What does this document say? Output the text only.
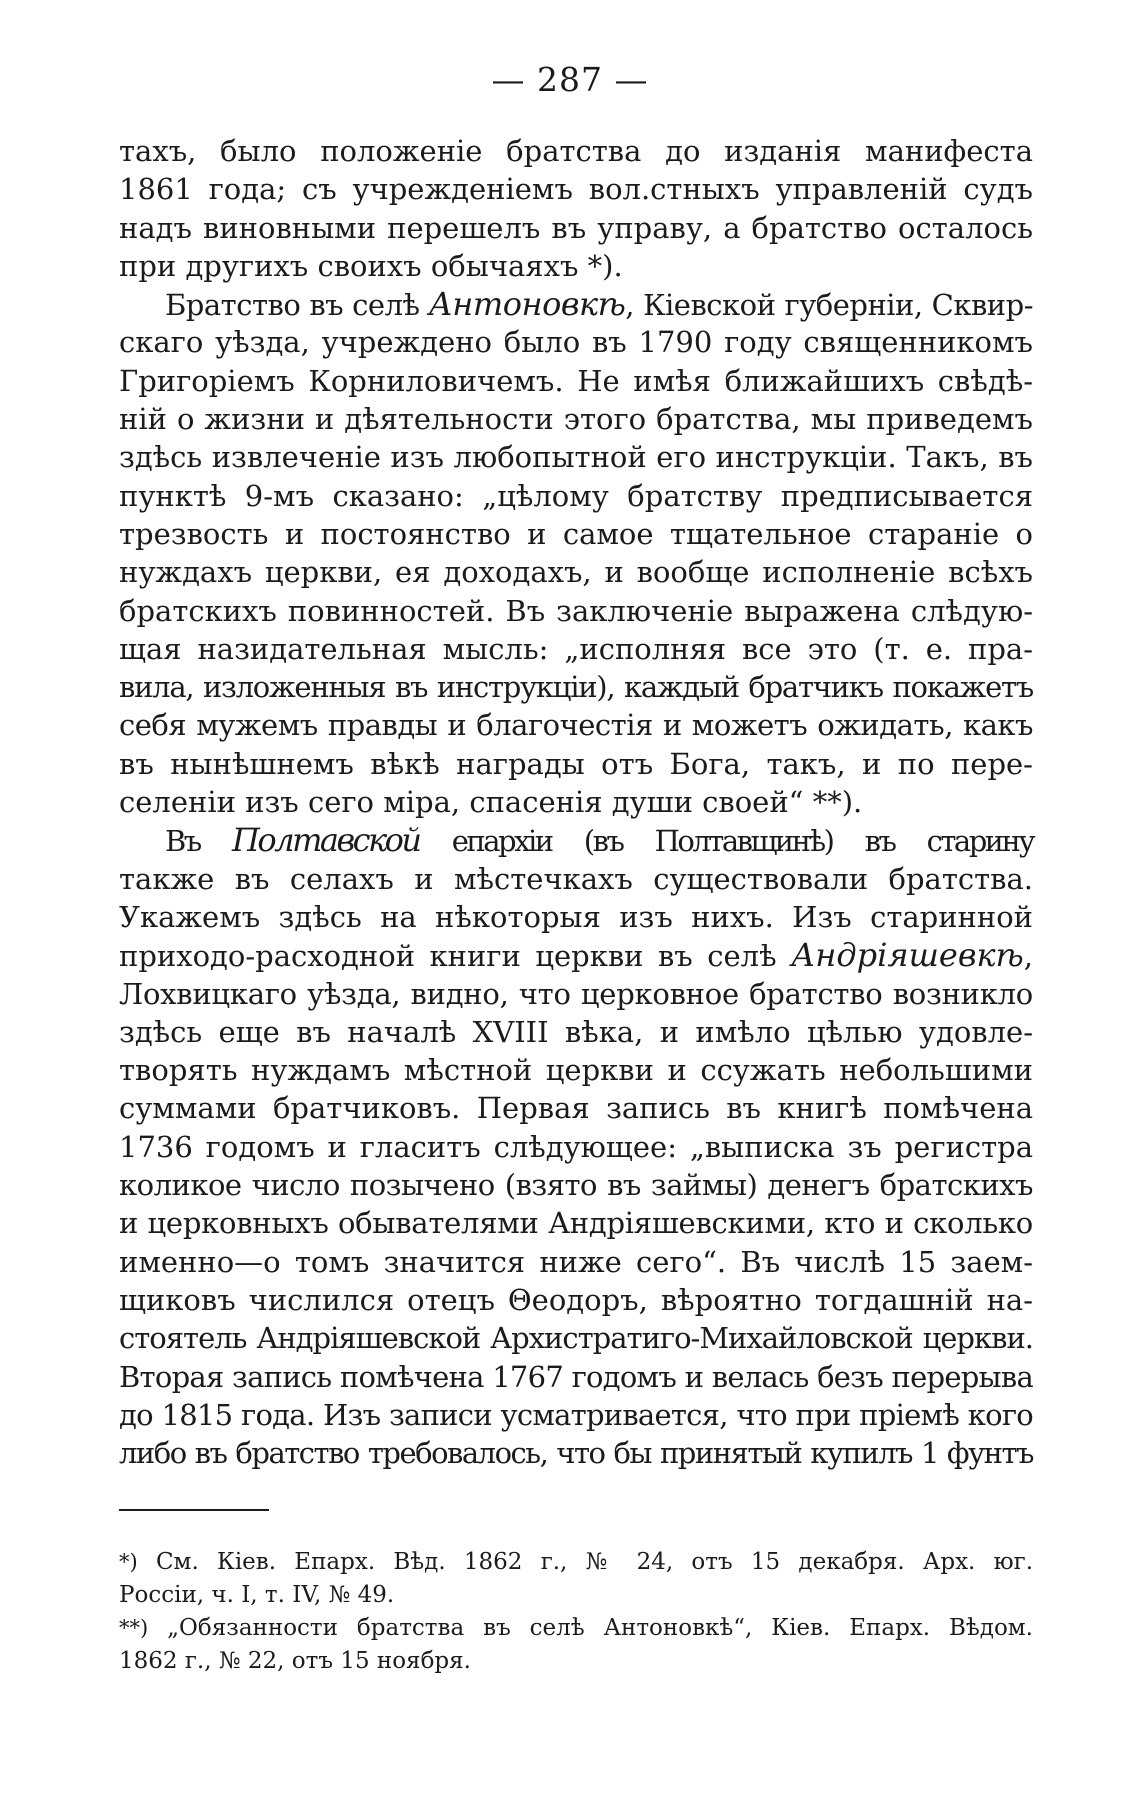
— 287 —
тахъ, было положеніе братства до изданія манифеста
1861 года; съ учрежденіемъ вол.стныхъ управленій судъ
надъ виновными перешелъ въ управу, а братство осталось
при другихъ своихъ обычаяхъ *).
Братство въ селѣ Антоновкѣ, Кіевской губерніи, Сквир-
скаго уѣзда, учреждено было въ 1790 году священникомъ
Григоріемъ Корниловичемъ. Не имѣя ближайшихъ свѣдѣ-
ній о жизни и дѣятельности этого братства, мы приведемъ
здѣсь извлеченіе изъ любопытной его инструкціи. Такъ, въ
пунктѣ 9-мъ сказано: „цѣлому братству предписывается
трезвость и постоянство и самое тщательное стараніе о
нуждахъ церкви, ея доходахъ, и вообще исполненіе всѣхъ
братскихъ повинностей. Въ заключеніе выражена слѣдую-
щая назидательная мысль: „исполняя все это (т. е. пра-
вила, изложенныя въ инструкціи), каждый братчикъ покажетъ
себя мужемъ правды и благочестія и можетъ ожидать, какъ
въ нынѣшнемъ вѣкѣ награды отъ Бога, такъ, и по пере-
селеніи изъ сего міра, спасенія души своей“ **).
Въ Полтавской епархіи (въ Полтавщинѣ) въ старину
также въ селахъ и мѣстечкахъ существовали братства.
Укажемъ здѣсь на нѣкоторыя изъ нихъ. Изъ старинной
приходо-расходной книги церкви въ селѣ Андріяшевкѣ,
Лохвицкаго уѣзда, видно, что церковное братство возникло
здѣсь еще въ началѣ XVIII вѣка, и имѣло цѣлью удовле-
творять нуждамъ мѣстной церкви и ссужать небольшими
суммами братчиковъ. Первая запись въ книгѣ помѣчена
1736 годомъ и гласитъ слѣдующее: „выписка зъ регистра
коликое число позычено (взято въ займы) денегъ братскихъ
и церковныхъ обывателями Андріяшевскими, кто и сколько
именно—о томъ значится ниже сего“. Въ числѣ 15 заем-
щиковъ числился отецъ Θеодоръ, вѣроятно тогдашній на-
стоятель Андріяшевской Архистратиго-Михайловской церкви.
Вторая запись помѣчена 1767 годомъ и велась безъ перерыва
до 1815 года. Изъ записи усматривается, что при пріемѣ кого
либо въ братство требовалось, что бы принятый купилъ 1 фунтъ
*) См. Кіев. Епарх. Вѣд. 1862 г., № 24, отъ 15 декабря. Арх. юг.
Россіи, ч. I, т. IV, № 49.
**) „Обязанности братства въ селѣ Антоновкѣ“, Кіев. Епарх. Вѣдом.
1862 г., № 22, отъ 15 ноября.
